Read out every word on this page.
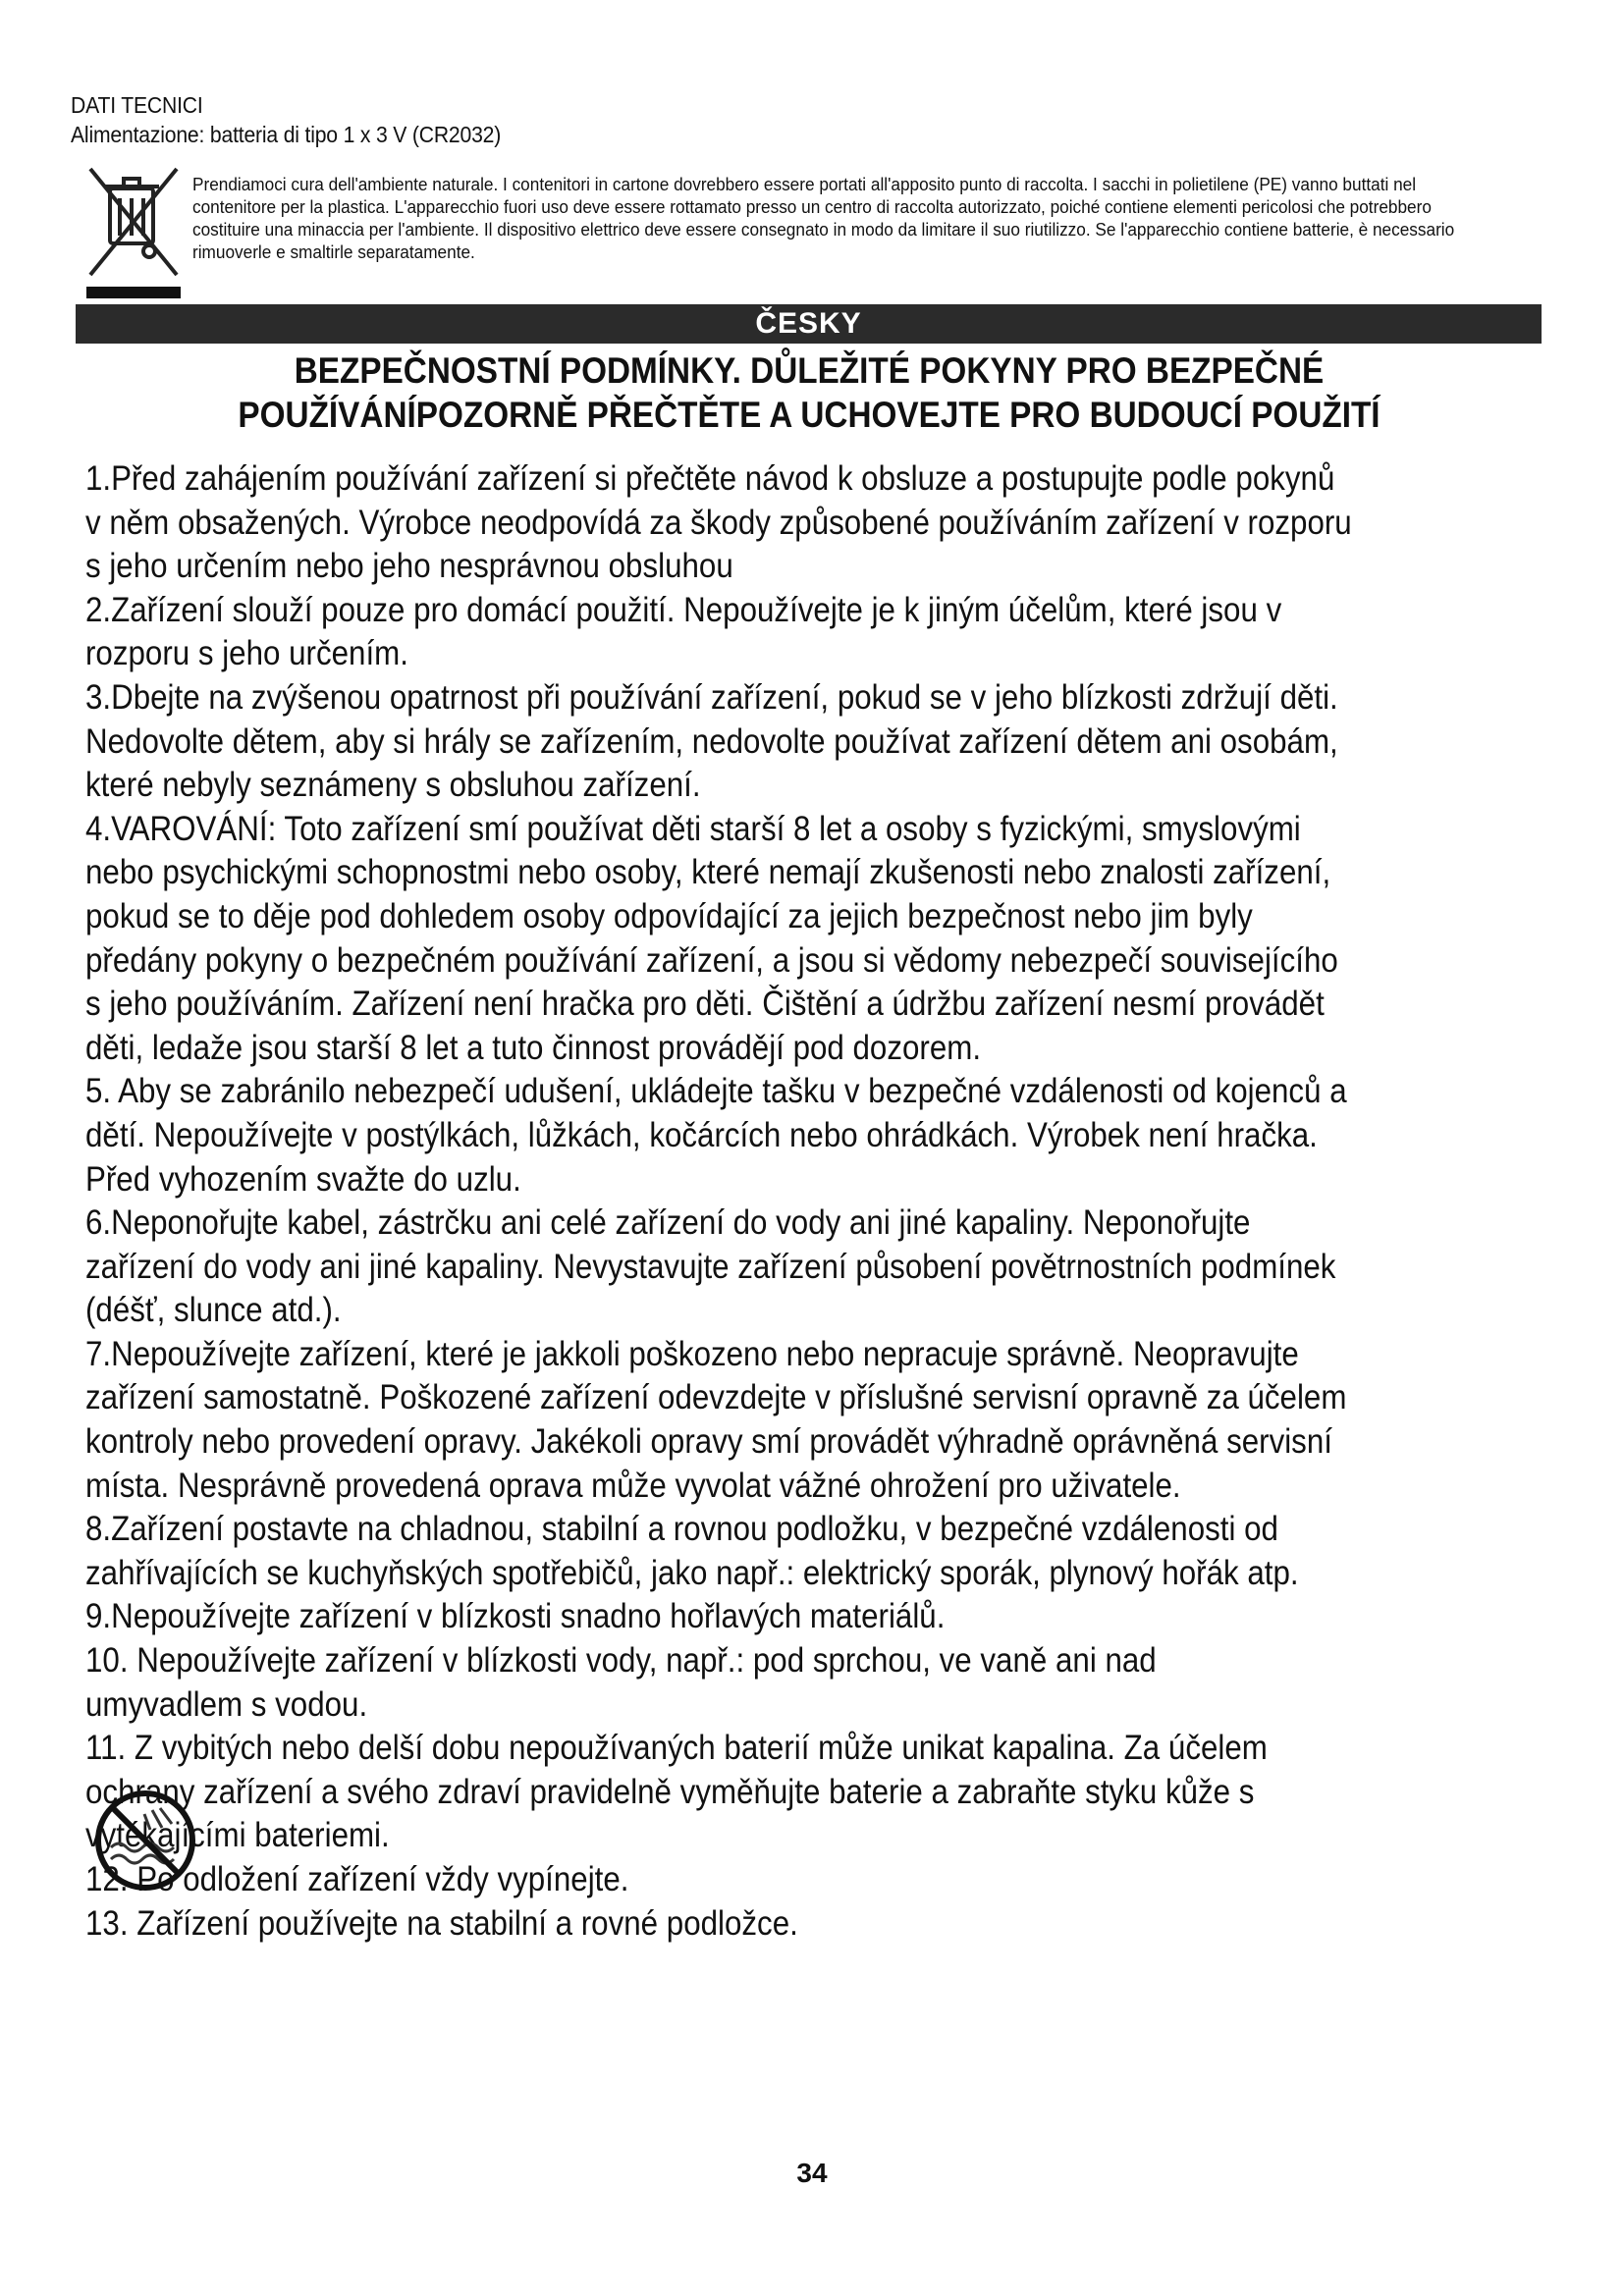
DATI TECNICI
Alimentazione: batteria di tipo 1 x 3 V (CR2032)
Prendiamoci cura dell'ambiente naturale. I contenitori in cartone dovrebbero essere portati all'apposito punto di raccolta. I sacchi in polietilene (PE) vanno buttati nel contenitore per la plastica. L'apparecchio fuori uso deve essere rottamato presso un centro di raccolta autorizzato, poiché contiene elementi pericolosi che potrebbero costituire una minaccia per l'ambiente. Il dispositivo elettrico deve essere consegnato in modo da limitare il suo riutilizzo. Se l'apparecchio contiene batterie, è necessario rimuoverle e smaltirle separatamente.
ČESKY
BEZPEČNOSTNÍ PODMÍNKY. DŮLEŽITÉ POKYNY PRO BEZPEČNÉ
POUŽÍVÁNÍPOZORNĚ PŘEČTĚTE A UCHOVEJTE PRO BUDOUCÍ POUŽITÍ

1.Před zahájením používání zařízení si přečtěte návod k obsluze a postupujte podle pokynů
v něm obsažených. Výrobce neodpovídá za škody způsobené používáním zařízení v rozporu
s jeho určením nebo jeho nesprávnou obsluhou

2.Zařízení slouží pouze pro domácí použití. Nepoužívejte je k jiným účelům, které jsou v
rozporu s jeho určením.

3.Dbejte na zvýšenou opatrnost při používání zařízení, pokud se v jeho blízkosti zdržují děti.
Nedovolte dětem, aby si hrály se zařízením, nedovolte používat zařízení dětem ani osobám,
které nebyly seznámeny s obsluhou zařízení.

4.VAROVÁNÍ: Toto zařízení smí používat děti starší 8 let a osoby s fyzickými, smyslovými
nebo psychickými schopnostmi nebo osoby, které nemají zkušenosti nebo znalosti zařízení,
pokud se to děje pod dohledem osoby odpovídající za jejich bezpečnost nebo jim byly
předány pokyny o bezpečném používání zařízení, a jsou si vědomy nebezpečí souvisejícího
s jeho používáním. Zařízení není hračka pro děti. Čištění a údržbu zařízení nesmí provádět
děti, ledaže jsou starší 8 let a tuto činnost provádějí pod dozorem.

5. Aby se zabránilo nebezpečí udušení, ukládejte tašku v bezpečné vzdálenosti od kojenců a
dětí. Nepoužívejte v postýlkách, lůžkách, kočárcích nebo ohrádkách. Výrobek není hračka.
Před vyhozením svažte do uzlu.

6.Neponořujte kabel, zástrčku ani celé zařízení do vody ani jiné kapaliny. Neponořujte
zařízení do vody ani jiné kapaliny. Nevystavujte zařízení působení povětrnostních podmínek
(déšť, slunce atd.).

7.Nepoužívejte zařízení, které je jakkoli poškozeno nebo nepracuje správně. Neopravujte
zařízení samostatně. Poškozené zařízení odevzdejte v příslušné servisní opravně za účelem
kontroly nebo provedení opravy. Jakékoli opravy smí provádět výhradně oprávněná servisní
místa. Nesprávně provedená oprava může vyvolat vážné ohrožení pro uživatele.

8.Zařízení postavte na chladnou, stabilní a rovnou podložku, v bezpečné vzdálenosti od
zahřívajících se kuchyňských spotřebičů, jako např.: elektrický sporák, plynový hořák atp.

9.Nepoužívejte zařízení v blízkosti snadno hořlavých materiálů.

10. Nepoužívejte zařízení v blízkosti vody, např.: pod sprchou, ve vaně ani nad
umyvadlem s vodou.

11. Z vybitých nebo delší dobu nepoužívaných baterií může unikat kapalina. Za účelem
ochrany zařízení a svého zdraví pravidelně vyměňujte baterie a zabraňte styku kůže s
vytékajícími bateriemi.

12. Po odložení zařízení vždy vypínejte.

13. Zařízení používejte na stabilní a rovné podložce.

34
